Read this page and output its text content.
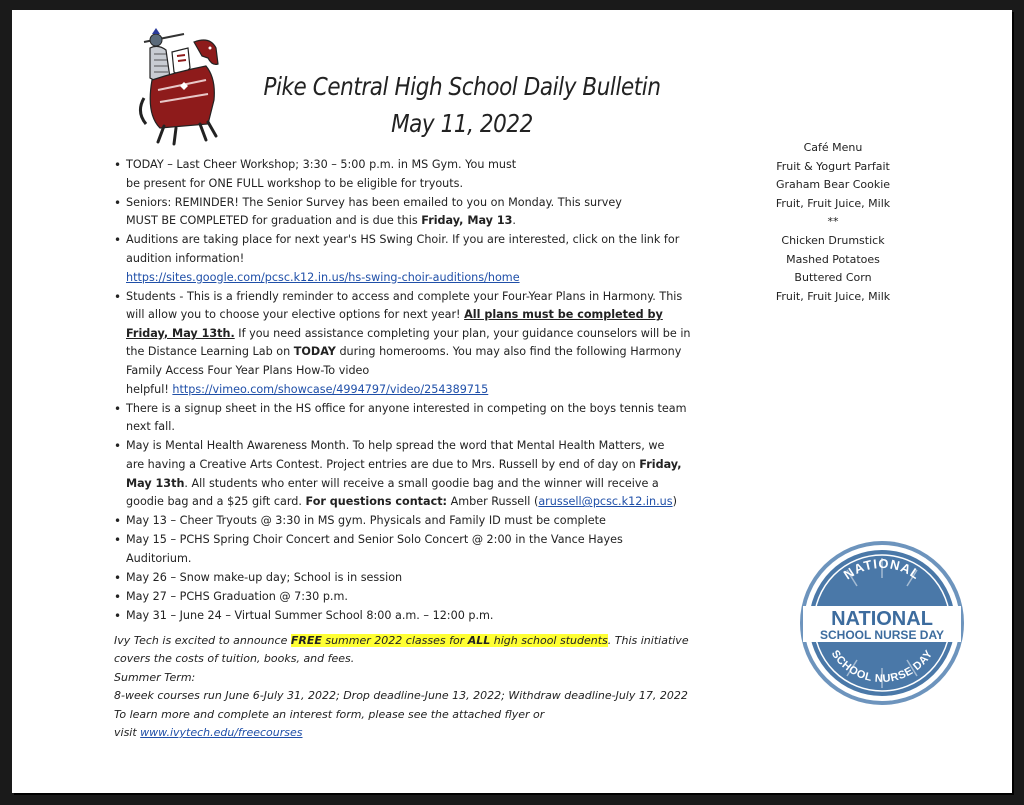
Pike Central High School Daily Bulletin
May 11, 2022
• TODAY – Last Cheer Workshop; 3:30 – 5:00 p.m. in MS Gym. You must
be present for ONE FULL workshop to be eligible for tryouts.
• Seniors: REMINDER! The Senior Survey has been emailed to you on Monday. This survey
MUST BE COMPLETED for graduation and is due this Friday, May 13.
• Auditions are taking place for next year's HS Swing Choir. If you are interested, click on the link for
audition information!
https://sites.google.com/pcsc.k12.in.us/hs-swing-choir-auditions/home
• Students - This is a friendly reminder to access and complete your Four-Year Plans in Harmony. This
will allow you to choose your elective options for next year! All plans must be completed by
Friday, May 13th. If you need assistance completing your plan, your guidance counselors will be in
the Distance Learning Lab on TODAY during homerooms. You may also find the following Harmony
Family Access Four Year Plans How-To video
helpful! https://vimeo.com/showcase/4994797/video/254389715
• There is a signup sheet in the HS office for anyone interested in competing on the boys tennis team
next fall.
• May is Mental Health Awareness Month. To help spread the word that Mental Health Matters, we
are having a Creative Arts Contest. Project entries are due to Mrs. Russell by end of day on Friday,
May 13th. All students who enter will receive a small goodie bag and the winner will receive a
goodie bag and a $25 gift card. For questions contact: Amber Russell (arussell@pcsc.k12.in.us)
• May 13 – Cheer Tryouts @ 3:30 in MS gym. Physicals and Family ID must be complete
• May 15 – PCHS Spring Choir Concert and Senior Solo Concert @ 2:00 in the Vance Hayes
Auditorium.
• May 26 – Snow make-up day; School is in session
• May 27 – PCHS Graduation @ 7:30 p.m.
• May 31 – June 24 – Virtual Summer School 8:00 a.m. – 12:00 p.m.
Ivy Tech is excited to announce FREE summer 2022 classes for ALL high school students. This initiative
covers the costs of tuition, books, and fees.
Summer Term:
8-week courses run June 6-July 31, 2022; Drop deadline-June 13, 2022; Withdraw deadline-July 17, 2022
To learn more and complete an interest form, please see the attached flyer or
visit www.ivytech.edu/freecourses
Café Menu
Fruit & Yogurt Parfait
Graham Bear Cookie
Fruit, Fruit Juice, Milk
**
Chicken Drumstick
Mashed Potatoes
Buttered Corn
Fruit, Fruit Juice, Milk
NATIONAL
NATIONAL
SCHOOL NURSE DAY
SCHOOL NURSE DAY
